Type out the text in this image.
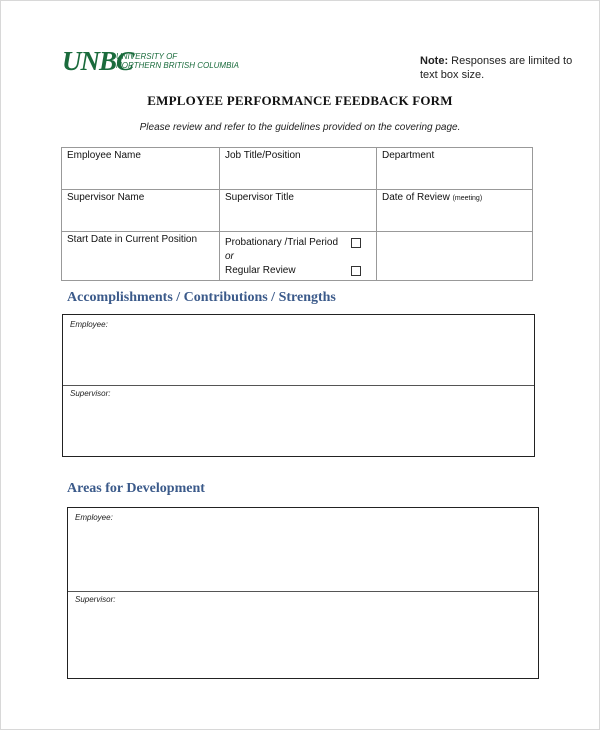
UNBC
UNIVERSITY OF
NORTHERN BRITISH COLUMBIA	Note: Responses are limited to text box size.
EMPLOYEE PERFORMANCE FEEDBACK FORM
Please review and refer to the guidelines provided on the covering page.
Employee Name	Job Title/Position	Department
Supervisor Name	Supervisor Title	Date of Review (meeting)
Start Date in Current Position	Probationary /Trial Period
or
Regular Review	

Accomplishments / Contributions / Strengths
Employee:
Supervisor:
Areas for Development
Employee:
Supervisor:
